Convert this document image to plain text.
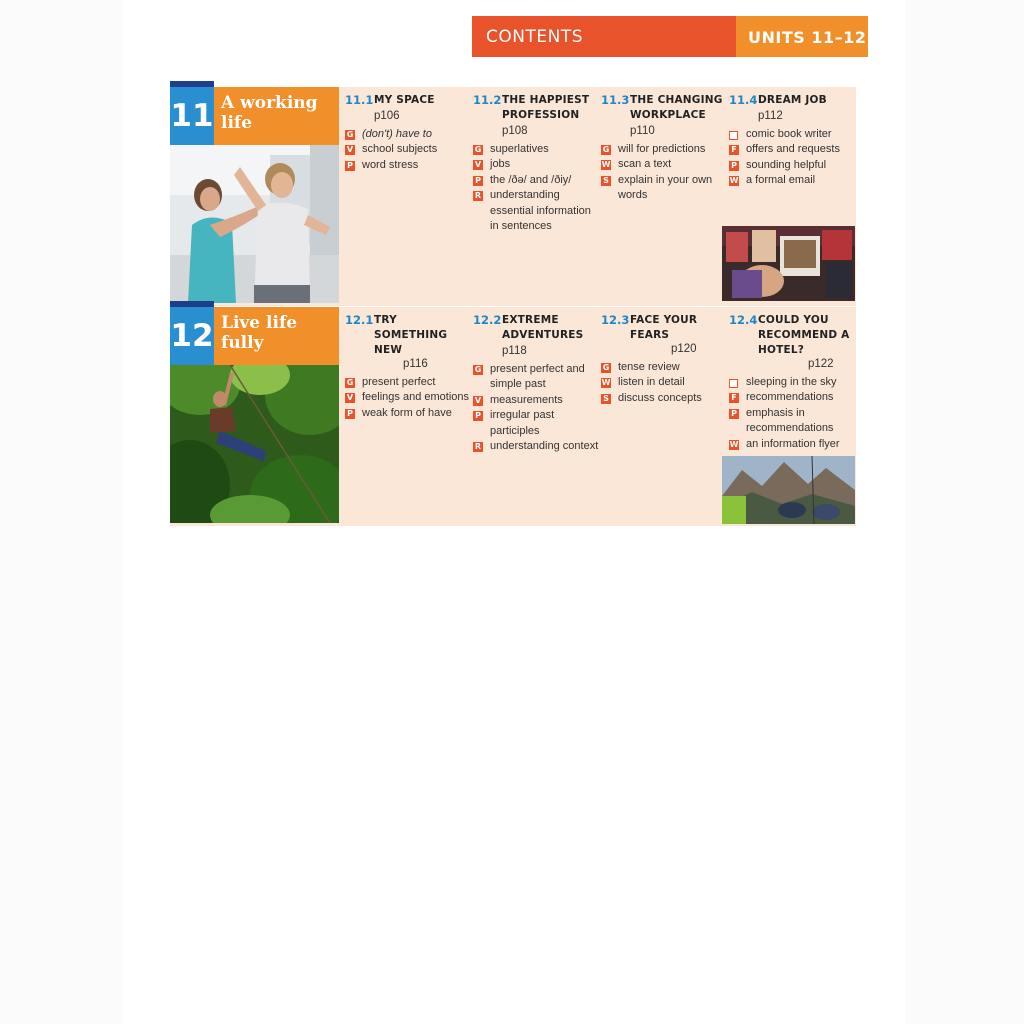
CONTENTS	UNITS 11–12
11 A working life
11.1 MY SPACE
p106
G (don't) have to
V school subjects
P word stress
11.2 THE HAPPIEST PROFESSION
p108
G superlatives
V jobs
P the /ðə/ and /ðiy/
R understanding essential information in sentences
11.3 THE CHANGING WORKPLACE
p110
G will for predictions
W scan a text
S explain in your own words
11.4 DREAM JOB
p112
comic book writer
F offers and requests
P sounding helpful
W a formal email
12 Live life fully
12.1 TRY SOMETHING NEW
p116
G present perfect
V feelings and emotions
P weak form of have
12.2 EXTREME ADVENTURES
p118
G present perfect and simple past
V measurements
P irregular past participles
R understanding context
12.3 FACE YOUR FEARS
p120
G tense review
W listen in detail
S discuss concepts
12.4 COULD YOU RECOMMEND A HOTEL?
p122
sleeping in the sky
F recommendations
P emphasis in recommendations
W an information flyer
